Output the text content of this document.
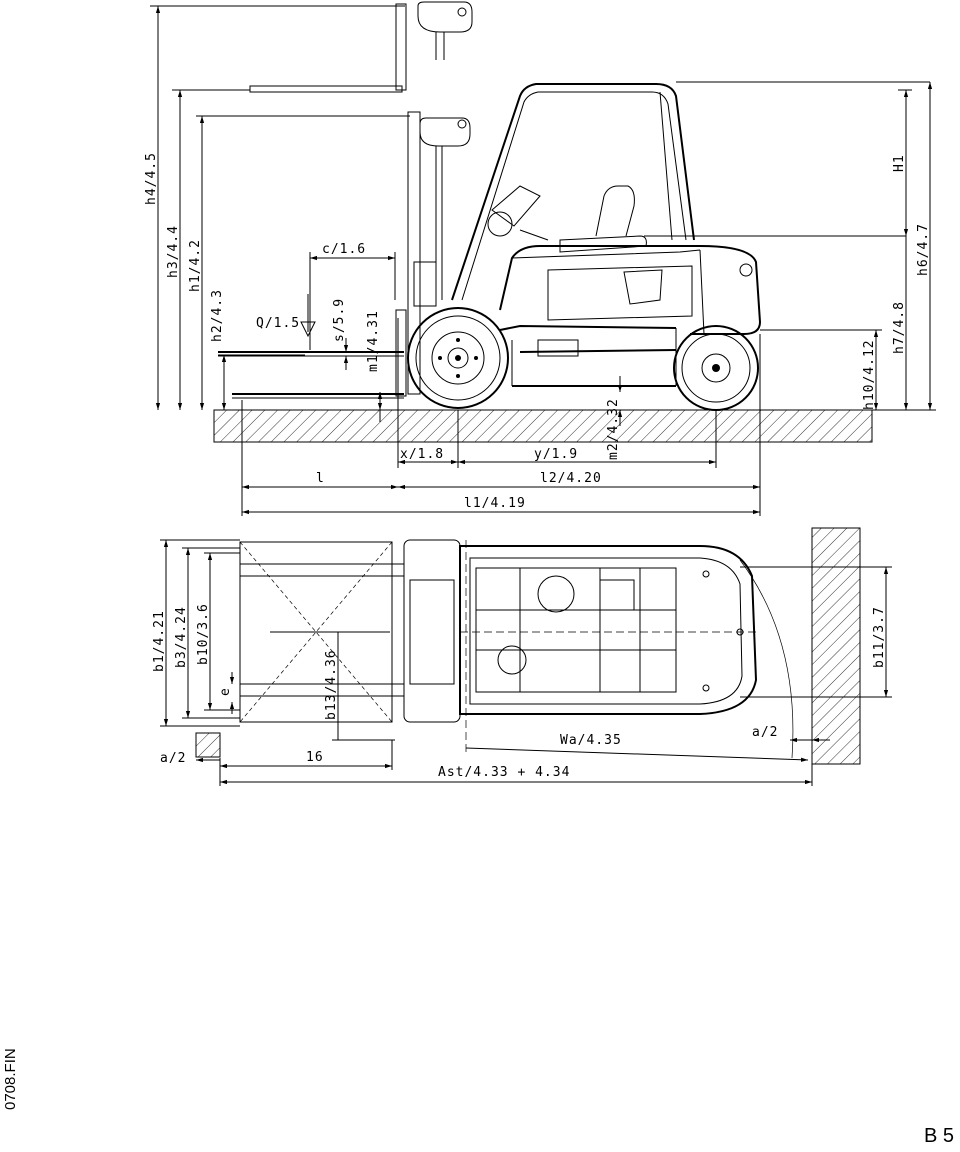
h4/4.5
h3/4.4 h1/4.2
h2/4.3
c/1.6
Q/1.5 s/5.9 m1/4.31
m2/4.32
H1
h6/4.7
h7/4.8
h10/4.12
x/1.8	y/1.9
l	l2/4.20
l1/4.19
b1/4.21 b3/4.24 b10/3.6
e	b13/4.36
b11/3.7
a/2	16
Wa/4.35
a/2
Ast/4.33 + 4.34
0708.FIN
B 5
